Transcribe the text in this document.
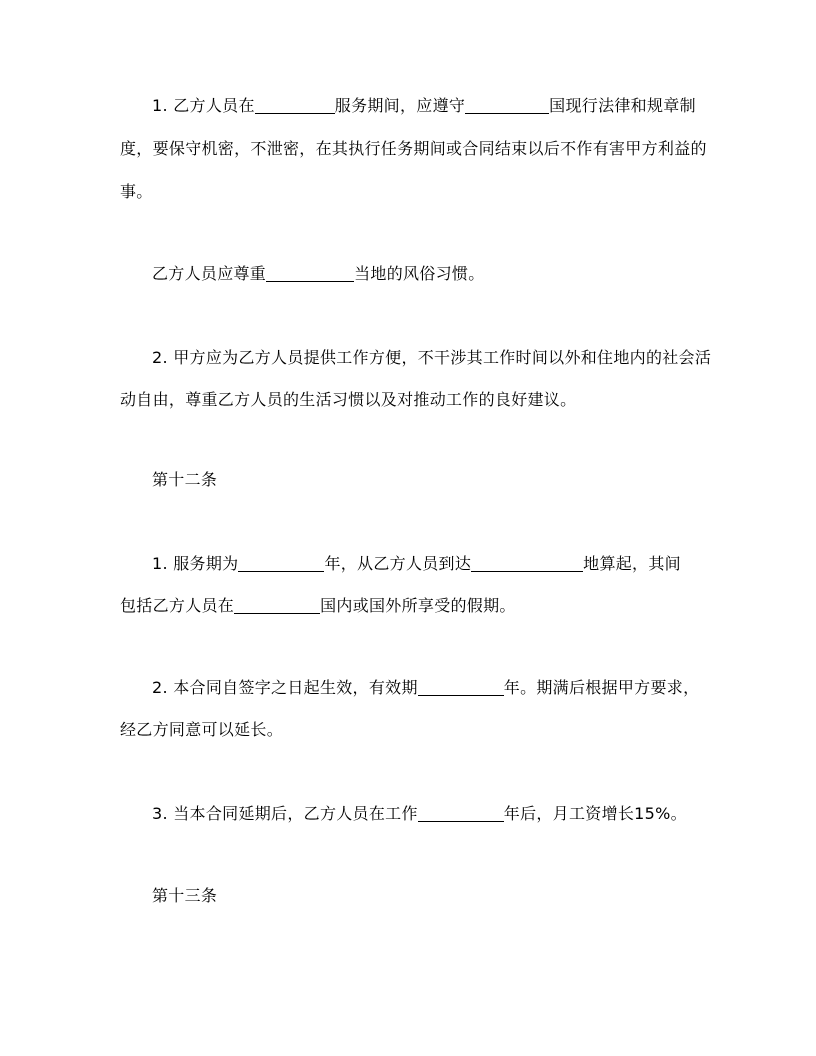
1. 乙方人员在	服务期间，应遵守	国现行法律和规章制
度，要保守机密，不泄密，在其执行任务期间或合同结束以后不作有害甲方利益的
事。
乙方人员应尊重	当地的风俗习惯。
2. 甲方应为乙方人员提供工作方便，不干涉其工作时间以外和住地内的社会活
动自由，尊重乙方人员的生活习惯以及对推动工作的良好建议。
第十二条
1. 服务期为	年，从乙方人员到达	地算起，其间
包括乙方人员在	国内或国外所享受的假期。
2. 本合同自签字之日起生效，有效期	年。期满后根据甲方要求，
经乙方同意可以延长。
3. 当本合同延期后，乙方人员在工作	年后，月工资增长15%。
第十三条
